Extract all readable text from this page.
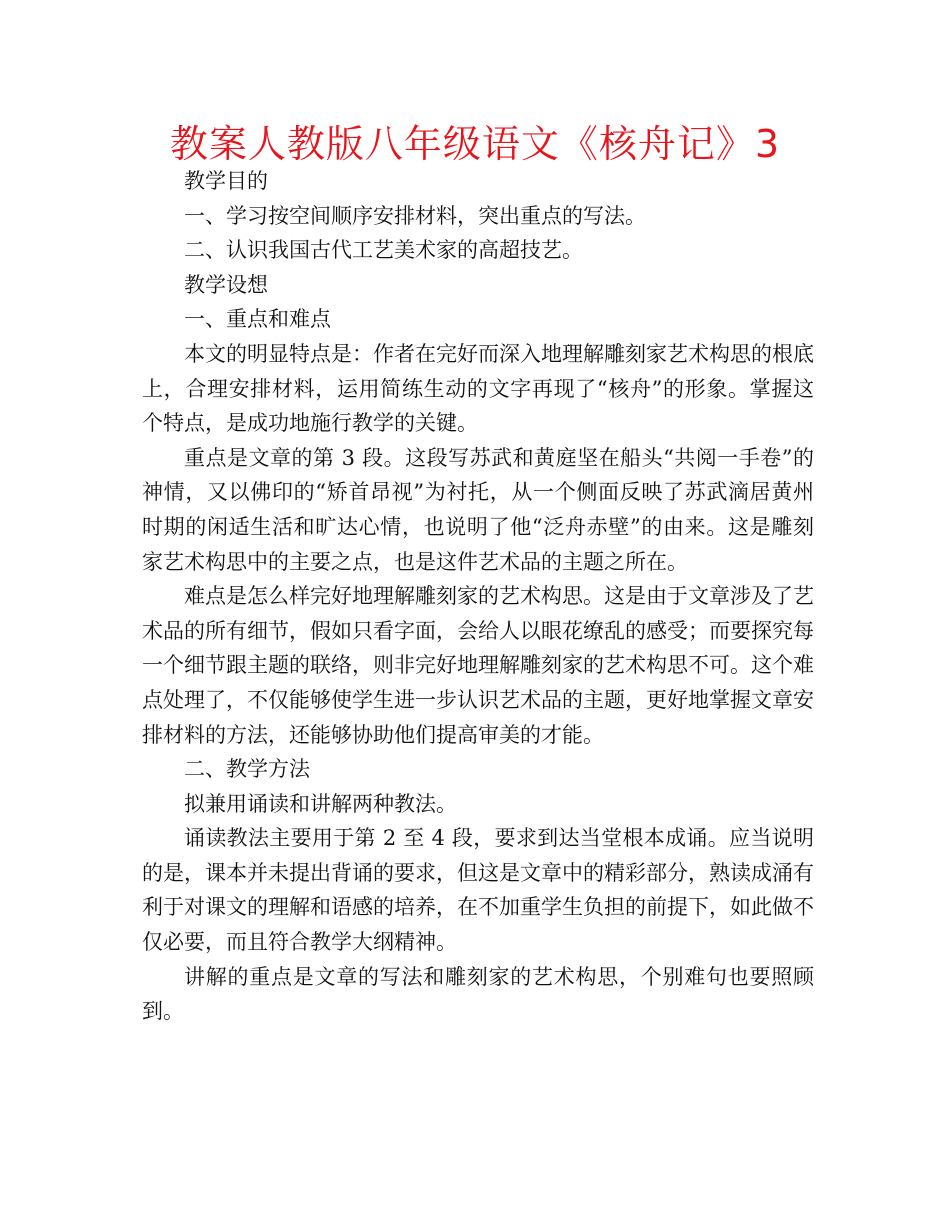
教案人教版八年级语文《核舟记》3

教学目的

一、学习按空间顺序安排材料，突出重点的写法。

二、认识我国古代工艺美术家的高超技艺。

教学设想

一、重点和难点

本文的明显特点是：作者在完好而深入地理解雕刻家艺术构思的根底上，合理安排材料，运用简练生动的文字再现了“核舟”的形象。掌握这个特点，是成功地施行教学的关键。

重点是文章的第 3 段。这段写苏武和黄庭坚在船头“共阅一手卷”的神情，又以佛印的“矫首昂视”为衬托，从一个侧面反映了苏武滴居黄州时期的闲适生活和旷达心情，也说明了他“泛舟赤壁”的由来。这是雕刻家艺术构思中的主要之点，也是这件艺术品的主题之所在。

难点是怎么样完好地理解雕刻家的艺术构思。这是由于文章涉及了艺术品的所有细节，假如只看字面，会给人以眼花缭乱的感受；而要探究每一个细节跟主题的联络，则非完好地理解雕刻家的艺术构思不可。这个难点处理了，不仅能够使学生进一步认识艺术品的主题，更好地掌握文章安排材料的方法，还能够协助他们提高审美的才能。

二、教学方法

拟兼用诵读和讲解两种教法。

诵读教法主要用于第 2 至 4 段，要求到达当堂根本成诵。应当说明的是，课本并未提出背诵的要求，但这是文章中的精彩部分，熟读成涌有利于对课文的理解和语感的培养，在不加重学生负担的前提下，如此做不仅必要，而且符合教学大纲精神。

讲解的重点是文章的写法和雕刻家的艺术构思，个别难句也要照顾到。
